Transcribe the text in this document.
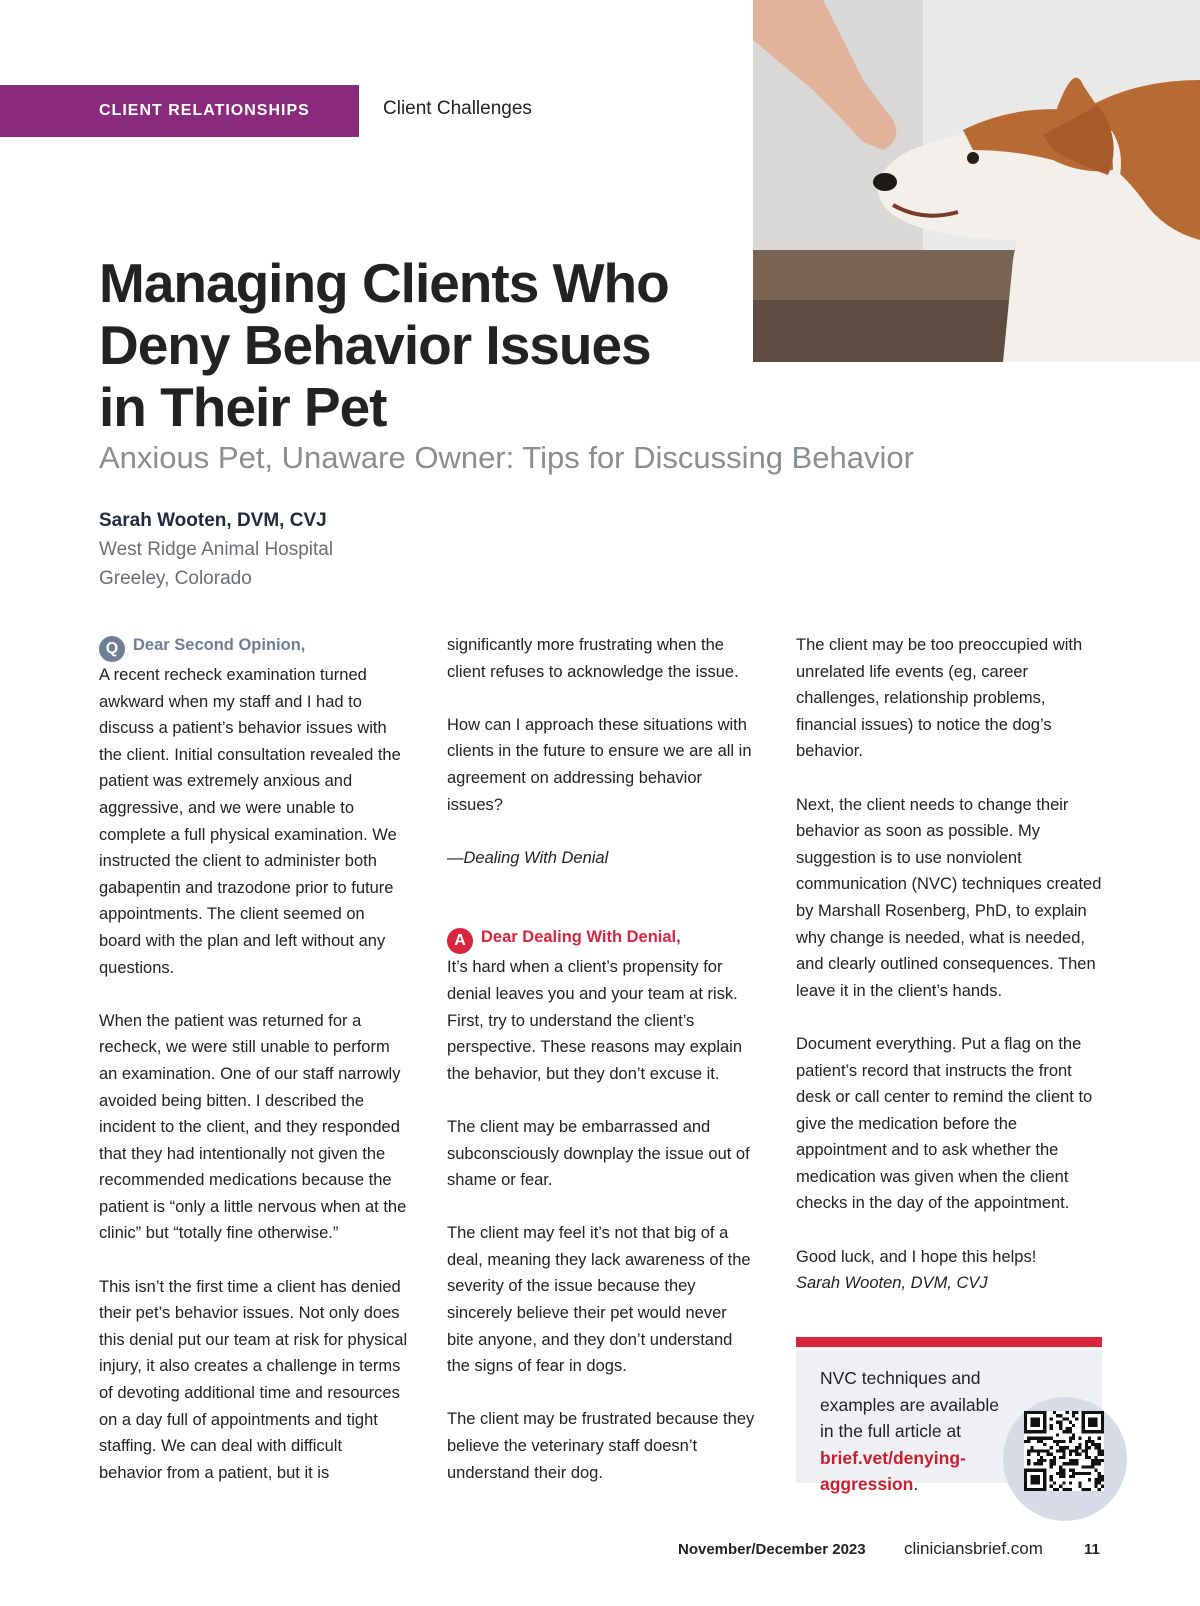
CLIENT RELATIONSHIPS	Client Challenges
Managing Clients Who Deny Behavior Issues in Their Pet
Anxious Pet, Unaware Owner: Tips for Discussing Behavior
Sarah Wooten, DVM, CVJ
West Ridge Animal Hospital
Greeley, Colorado

Q Dear Second Opinion,

A recent recheck examination turned awkward when my staff and I had to discuss a patient’s behavior issues with the client. Initial consultation revealed the patient was extremely anxious and aggressive, and we were unable to complete a full physical examination. We instructed the client to administer both gabapentin and trazodone prior to future appointments. The client seemed on board with the plan and left without any questions.

When the patient was returned for a recheck, we were still unable to perform an examination. One of our staff narrowly avoided being bitten. I described the incident to the client, and they responded that they had intentionally not given the recommended medications because the patient is “only a little nervous when at the clinic” but “totally fine otherwise.”

This isn’t the first time a client has denied their pet’s behavior issues. Not only does this denial put our team at risk for physical injury, it also creates a challenge in terms of devoting additional time and resources on a day full of appointments and tight staffing. We can deal with difficult behavior from a patient, but it is

significantly more frustrating when the client refuses to acknowledge the issue.

How can I approach these situations with clients in the future to ensure we are all in agreement on addressing behavior issues?

—Dealing With Denial

A Dear Dealing With Denial,

It’s hard when a client’s propensity for denial leaves you and your team at risk. First, try to understand the client’s perspective. These reasons may explain the behavior, but they don’t excuse it.

The client may be embarrassed and subconsciously downplay the issue out of shame or fear.

The client may feel it’s not that big of a deal, meaning they lack awareness of the severity of the issue because they sincerely believe their pet would never bite anyone, and they don’t understand the signs of fear in dogs.

The client may be frustrated because they believe the veterinary staff doesn’t understand their dog.

The client may be too preoccupied with unrelated life events (eg, career challenges, relationship problems, financial issues) to notice the dog’s behavior.

Next, the client needs to change their behavior as soon as possible. My suggestion is to use nonviolent communication (NVC) techniques created by Marshall Rosenberg, PhD, to explain why change is needed, what is needed, and clearly outlined consequences. Then leave it in the client’s hands.

Document everything. Put a flag on the patient’s record that instructs the front desk or call center to remind the client to give the medication before the appointment and to ask whether the medication was given when the client checks in the day of the appointment.

Good luck, and I hope this helps!

Sarah Wooten, DVM, CVJ

NVC techniques and examples are available in the full article at brief.vet/denying-aggression.
November/December 2023 cliniciansbrief.com	11
